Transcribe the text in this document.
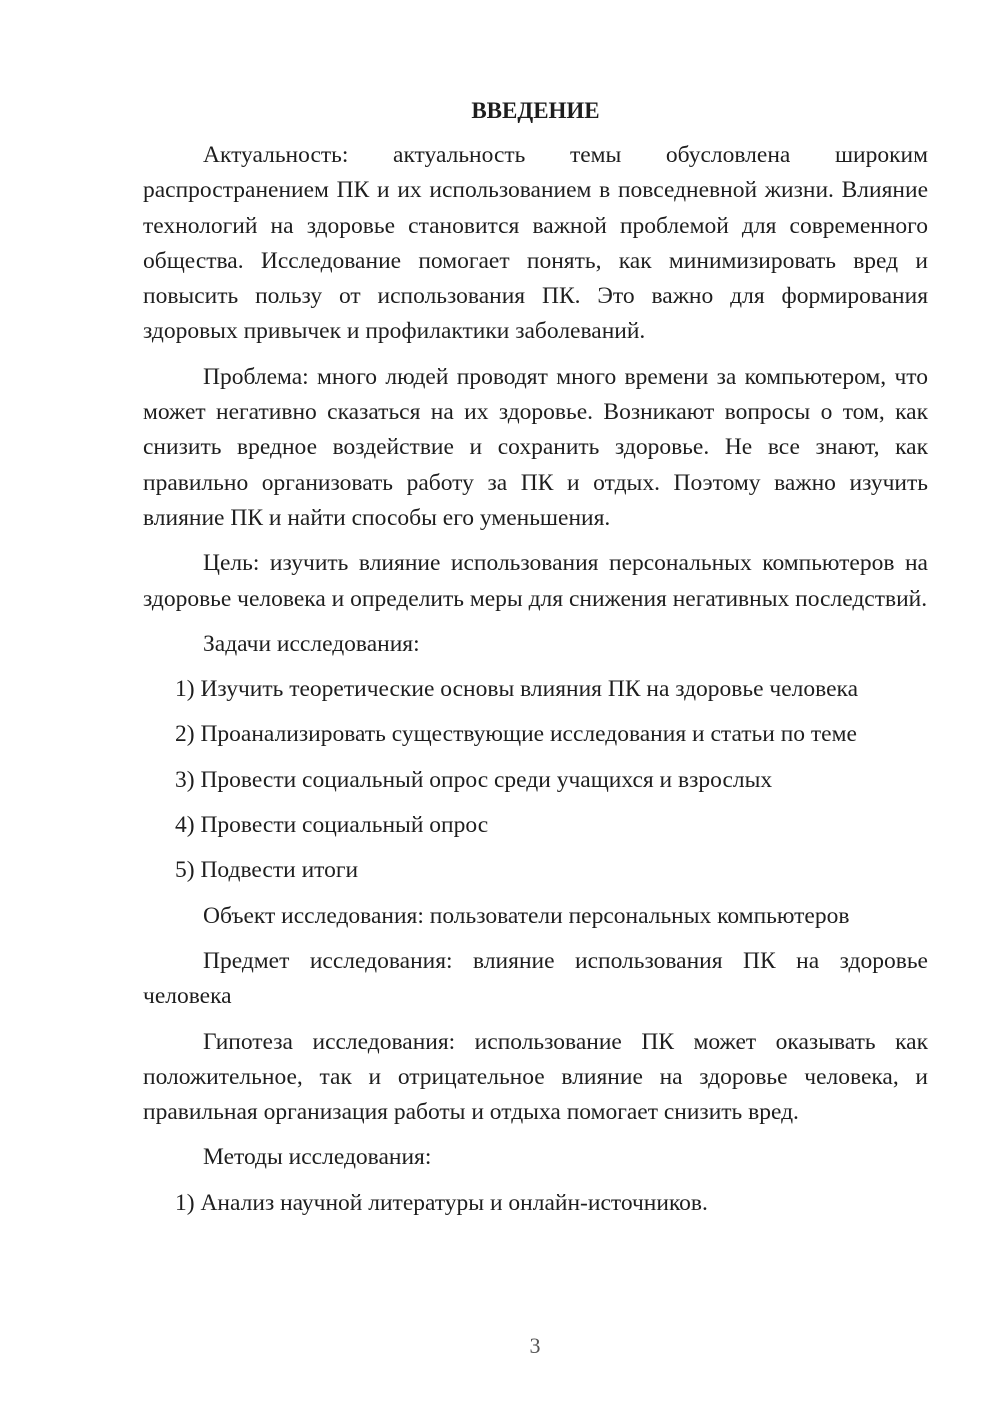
ВВЕДЕНИЕ

Актуальность: актуальность темы обусловлена широким распространением ПК и их использованием в повседневной жизни. Влияние технологий на здоровье становится важной проблемой для современного общества. Исследование помогает понять, как минимизировать вред и повысить пользу от использования ПК. Это важно для формирования здоровых привычек и профилактики заболеваний.

Проблема: много людей проводят много времени за компьютером, что может негативно сказаться на их здоровье. Возникают вопросы о том, как снизить вредное воздействие и сохранить здоровье. Не все знают, как правильно организовать работу за ПК и отдых. Поэтому важно изучить влияние ПК и найти способы его уменьшения.

Цель: изучить влияние использования персональных компьютеров на здоровье человека и определить меры для снижения негативных последствий.

Задачи исследования:

1) Изучить теоретические основы влияния ПК на здоровье человека
2) Проанализировать существующие исследования и статьи по теме
3) Провести социальный опрос среди учащихся и взрослых
4) Провести социальный опрос
5) Подвести итоги

Объект исследования: пользователи персональных компьютеров

Предмет исследования: влияние использования ПК на здоровье человека

Гипотеза исследования: использование ПК может оказывать как положительное, так и отрицательное влияние на здоровье человека, и правильная организация работы и отдыха помогает снизить вред.

Методы исследования:

1) Анализ научной литературы и онлайн-источников.
3
